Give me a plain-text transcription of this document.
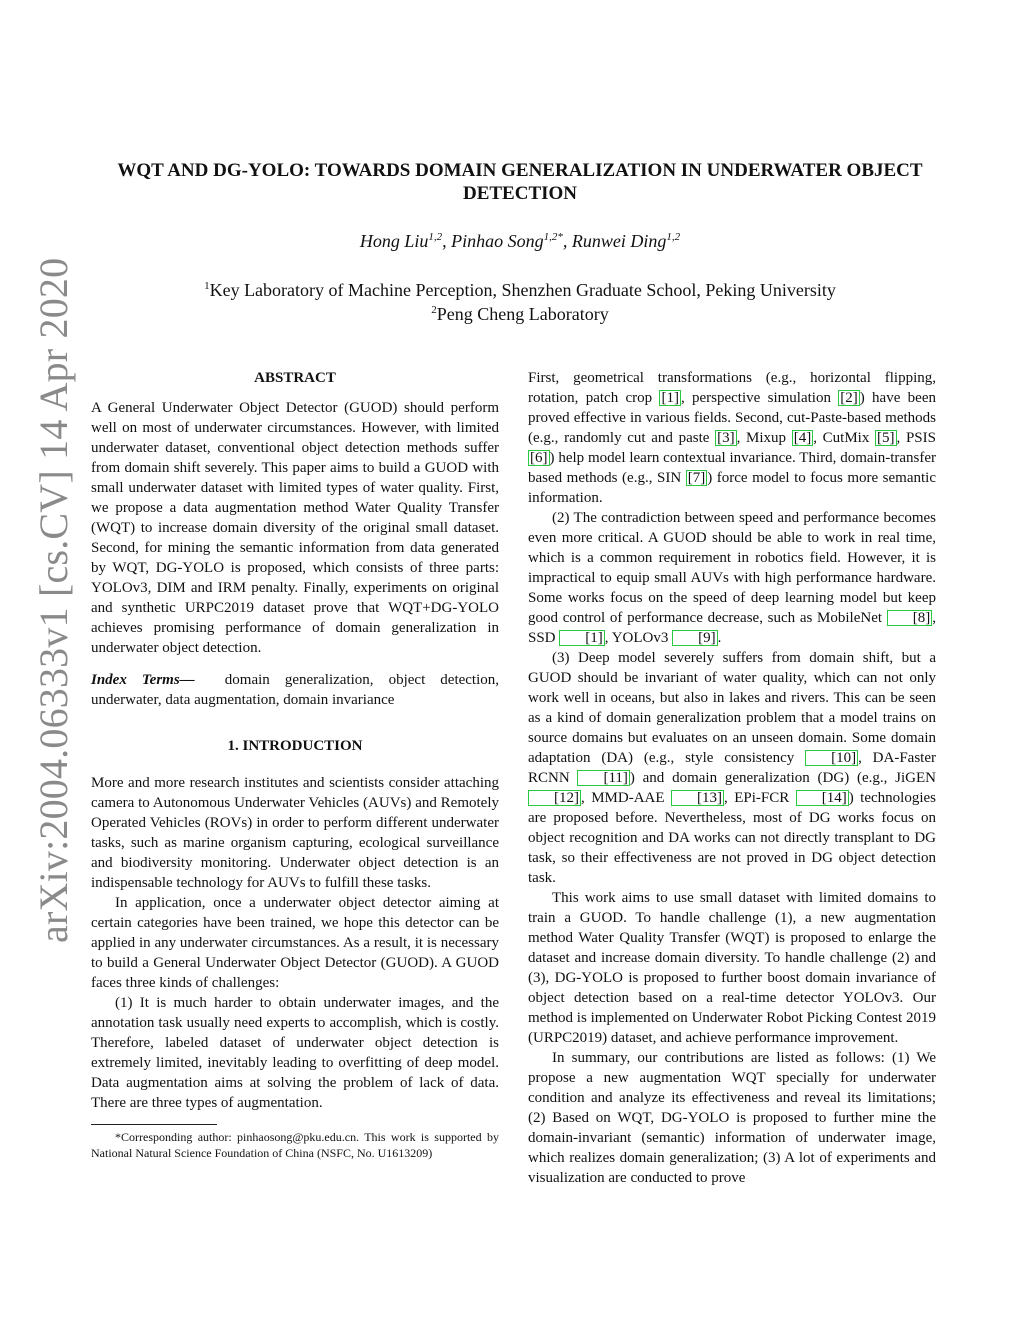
arXiv:2004.06333v1 [cs.CV] 14 Apr 2020
WQT AND DG-YOLO: TOWARDS DOMAIN GENERALIZATION IN UNDERWATER OBJECT DETECTION
Hong Liu$^{1,2}$, Pinhao Song$^{1,2*}$, Runwei Ding$^{1,2}$
$^1$Key Laboratory of Machine Perception, Shenzhen Graduate School, Peking University
$^2$Peng Cheng Laboratory
ABSTRACT

A General Underwater Object Detector (GUOD) should perform well on most of underwater circumstances. However, with limited underwater dataset, conventional object detection methods suffer from domain shift severely. This paper aims to build a GUOD with small underwater dataset with limited types of water quality. First, we propose a data augmentation method Water Quality Transfer (WQT) to increase domain diversity of the original small dataset. Second, for mining the semantic information from data generated by WQT, DG-YOLO is proposed, which consists of three parts: YOLOv3, DIM and IRM penalty. Finally, experiments on original and synthetic URPC2019 dataset prove that WQT+DG-YOLO achieves promising performance of domain generalization in underwater object detection.

Index Terms— domain generalization, object detection, underwater, data augmentation, domain invariance

1. INTRODUCTION

More and more research institutes and scientists consider attaching camera to Autonomous Underwater Vehicles (AUVs) and Remotely Operated Vehicles (ROVs) in order to perform different underwater tasks, such as marine organism capturing, ecological surveillance and biodiversity monitoring. Underwater object detection is an indispensable technology for AUVs to fulfill these tasks.

In application, once a underwater object detector aiming at certain categories have been trained, we hope this detector can be applied in any underwater circumstances. As a result, it is necessary to build a General Underwater Object Detector (GUOD). A GUOD faces three kinds of challenges:

(1) It is much harder to obtain underwater images, and the annotation task usually need experts to accomplish, which is costly. Therefore, labeled dataset of underwater object detection is extremely limited, inevitably leading to overfitting of deep model. Data augmentation aims at solving the problem of lack of data. There are three types of augmentation.

*Corresponding author: pinhaosong@pku.edu.cn. This work is supported by National Natural Science Foundation of China (NSFC, No. U1613209)

First, geometrical transformations (e.g., horizontal flipping, rotation, patch crop [1] , perspective simulation [2] ) have been proved effective in various fields. Second, cut-Paste-based methods (e.g., randomly cut and paste [3] , Mixup [4] , CutMix [5] , PSIS [6] ) help model learn contextual invariance. Third, domain-transfer based methods (e.g., SIN [7] ) force model to focus more semantic information.

(2) The contradiction between speed and performance becomes even more critical. A GUOD should be able to work in real time, which is a common requirement in robotics field. However, it is impractical to equip small AUVs with high performance hardware. Some works focus on the speed of deep learning model but keep good control of performance decrease, such as MobileNet [8] , SSD [1] , YOLOv3 [9] .

(3) Deep model severely suffers from domain shift, but a GUOD should be invariant of water quality, which can not only work well in oceans, but also in lakes and rivers. This can be seen as a kind of domain generalization problem that a model trains on source domains but evaluates on an unseen domain. Some domain adaptation (DA) (e.g., style consistency [10] , DA-Faster RCNN [11] ) and domain generalization (DG) (e.g., JiGEN [12] , MMD-AAE [13] , EPi-FCR [14] ) technologies are proposed before. Nevertheless, most of DG works focus on object recognition and DA works can not directly transplant to DG task, so their effectiveness are not proved in DG object detection task.

This work aims to use small dataset with limited domains to train a GUOD. To handle challenge (1), a new augmentation method Water Quality Transfer (WQT) is proposed to enlarge the dataset and increase domain diversity. To handle challenge (2) and (3), DG-YOLO is proposed to further boost domain invariance of object detection based on a real-time detector YOLOv3. Our method is implemented on Underwater Robot Picking Contest 2019 (URPC2019) dataset, and achieve performance improvement.

In summary, our contributions are listed as follows: (1) We propose a new augmentation WQT specially for underwater condition and analyze its effectiveness and reveal its limitations; (2) Based on WQT, DG-YOLO is proposed to further mine the domain-invariant (semantic) information of underwater image, which realizes domain generalization; (3) A lot of experiments and visualization are conducted to prove
